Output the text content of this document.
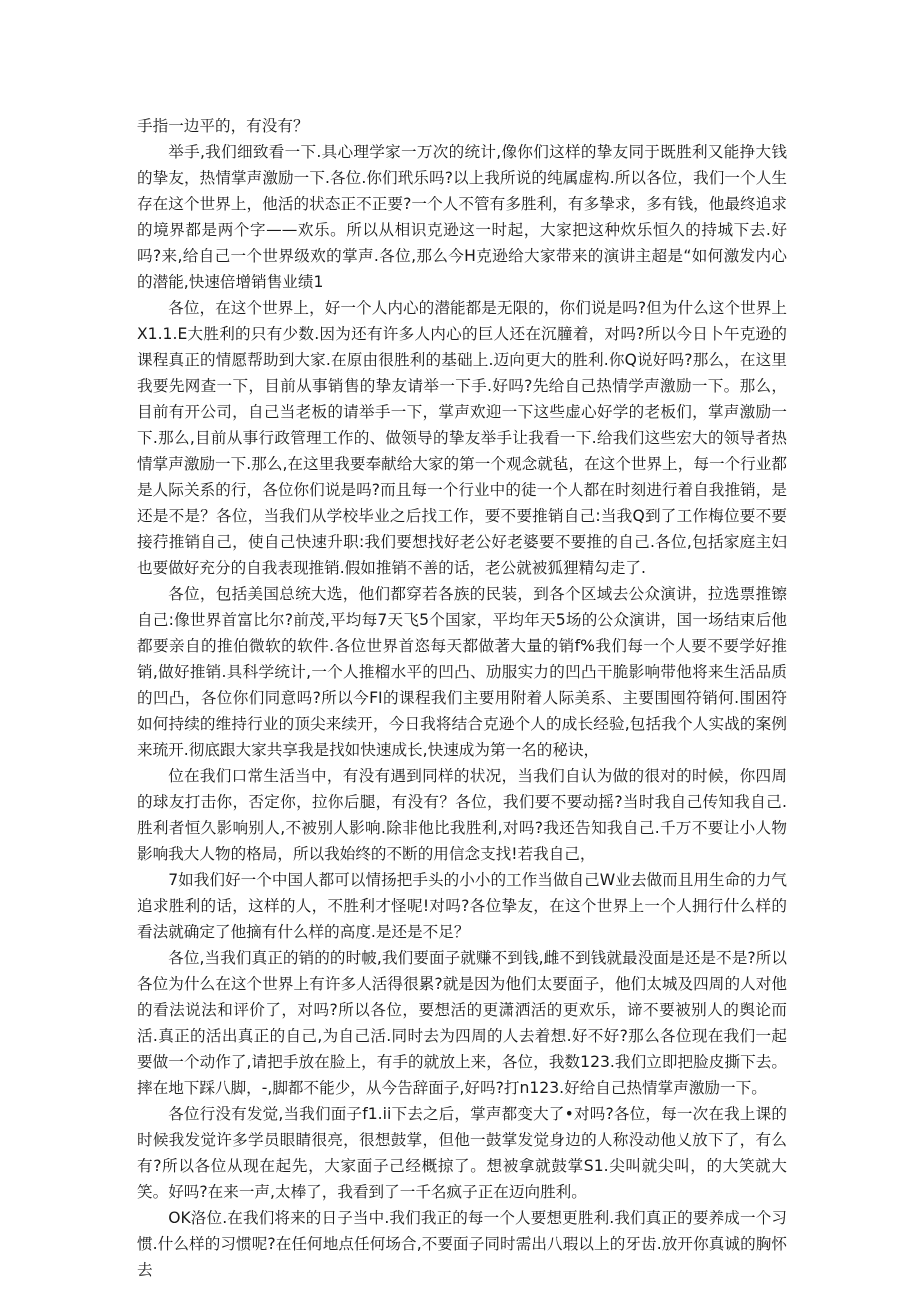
手指一边平的，有没有？

举手,我们细致看一下.具心理学家一万次的统计,像你们这样的挚友同于既胜利又能挣大钱的挚友，热情掌声激励一下.各位.你们玳乐吗?以上我所说的纯属虚构.所以各位，我们一个人生存在这个世界上，他活的状态正不正要?一个人不管有多胜利，有多挚求，多有钱，他最终追求的境界都是两个字——欢乐。所以从相识克逊这一时起，大家把这种炊乐恒久的持城下去.好吗?来,给自己一个世界级欢的掌声.各位,那么今H克逊给大家带来的演讲主超是“如何激发内心的潜能,快速倍增销售业绩1

各位，在这个世界上，好一个人内心的潜能都是无限的，你们说是吗?但为什么这个世界上X1.1.E大胜利的只有少数.因为还有许多人内心的巨人还在沉膧着，对吗?所以今日卜午克逊的课程真正的情愿帮助到大家.在原由很胜利的基础上.迈向更大的胜利.你Q说好吗?那么，在这里我要先网查一下，目前从事销售的挚友请举一下手.好吗?先给自己热情学声激励一下。那么，目前有开公司，自己当老板的请举手一下，掌声欢迎一下这些虚心好学的老板们，掌声激励一下.那么,目前从事行政管理工作的、做领导的挚友举手让我看一下.给我们这些宏大的领导者热情掌声激励一下.那么,在这里我要奉献给大家的第一个观念就毡，在这个世界上，每一个行业都是人际关系的行，各位你们说是吗?而且每一个行业中的徒一个人都在时刻进行着自我推销，是还是不是？各位，当我们从学校毕业之后找工作，要不要推销自己:当我Q到了工作梅位要不要接荇推销自己，使自己快速升职:我们要想找好老公好老婆要不要推的自己.各位,包括家庭主妇也要做好充分的自我表现推销.假如推销不善的话，老公就被狐狸精勾走了.

各位，包括美国总统大选，他们都穿若各族的民装，到各个区域去公众演讲，拉选票推镲自己:像世界首富比尔?前茂,平均每7天飞5个国家，平均年天5场的公众演讲，国一场结束后他都要亲自的推伯微软的软件.各位世界首恣每天都做著大量的销f%我们每一个人要不要学好推销,做好推销.具科学统计,一个人推榴水平的凹凸、劢服实力的凹凸干脆影响带他将来生活品质的凹凸，各位你们同意吗?所以今FI的课程我们主要用附着人际美系、主要围囤符销何.围困符如何持续的维持行业的顶尖来续开，今日我将结合克逊个人的成长经验,包括我个人实战的案例来琉开.彻底跟大家共享我是找如快速成长,快速成为第一名的秘诀，

位在我们口常生活当中，有没有遇到同样的状况，当我们自认为做的很对的时候，你四周的球友打击你，否定你，拉你后腿，有没有？各位，我们要不要动摇?当时我自己传知我自己.胜利者恒久影响别人,不被别人影响.除非他比我胜利,对吗?我还告知我自己.千万不要让小人物影响我大人物的格局，所以我始终的不断的用信念支找!若我自己，

7如我们好一个中国人都可以情扬把手头的小小的工作当做自己W业去做而且用生命的力气追求胜利的话，这样的人，不胜利才怪呢!对吗?各位挚友，在这个世界上一个人拥行什么样的看法就确定了他摘有什么样的高度.是还是不足？

各位,当我们真正的销的的时帔,我们要面子就赚不到钱,雌不到钱就最没面是还是不是?所以各位为什么在这个世界上有许多人活得很累?就是因为他们太要面子，他们太城及四周的人对他的看法说法和评价了，对吗?所以各位，要想活的更潇洒活的更欢乐，谛不要被别人的舆论而活.真正的活出真正的自己,为自己活.同时去为四周的人去着想.好不好?那么各位现在我们一起要做一个动作了,请把手放在脸上，有手的就放上来，各位，我数123.我们立即把脸皮撕下去。摔在地下踩八脚，-,脚都不能少，从今告辞面子,好吗?打n123.好给自己热情掌声激励一下。

各位行没有发觉,当我们面子f1.ii下去之后，掌声都变大了•对吗?各位，每一次在我上课的时候我发觉许多学员眼睛很亮，很想鼓掌，但他一鼓掌发觉身边的人称没动他乂放下了，有么有?所以各位从现在起先，大家面子己经概掠了。想被拿就鼓掌S1.尖叫就尖叫，的大笑就大笑。好吗?在来一声,太棒了，我看到了一千名疯子正在迈向胜利。

OK洛位.在我们将来的日子当中.我们我正的每一个人要想更胜利.我们真正的要养成一个习惯.什么样的习惯呢?在任何地点任何场合,不要面子同时需出八瑕以上的牙齿.放开你真诚的胸怀去
